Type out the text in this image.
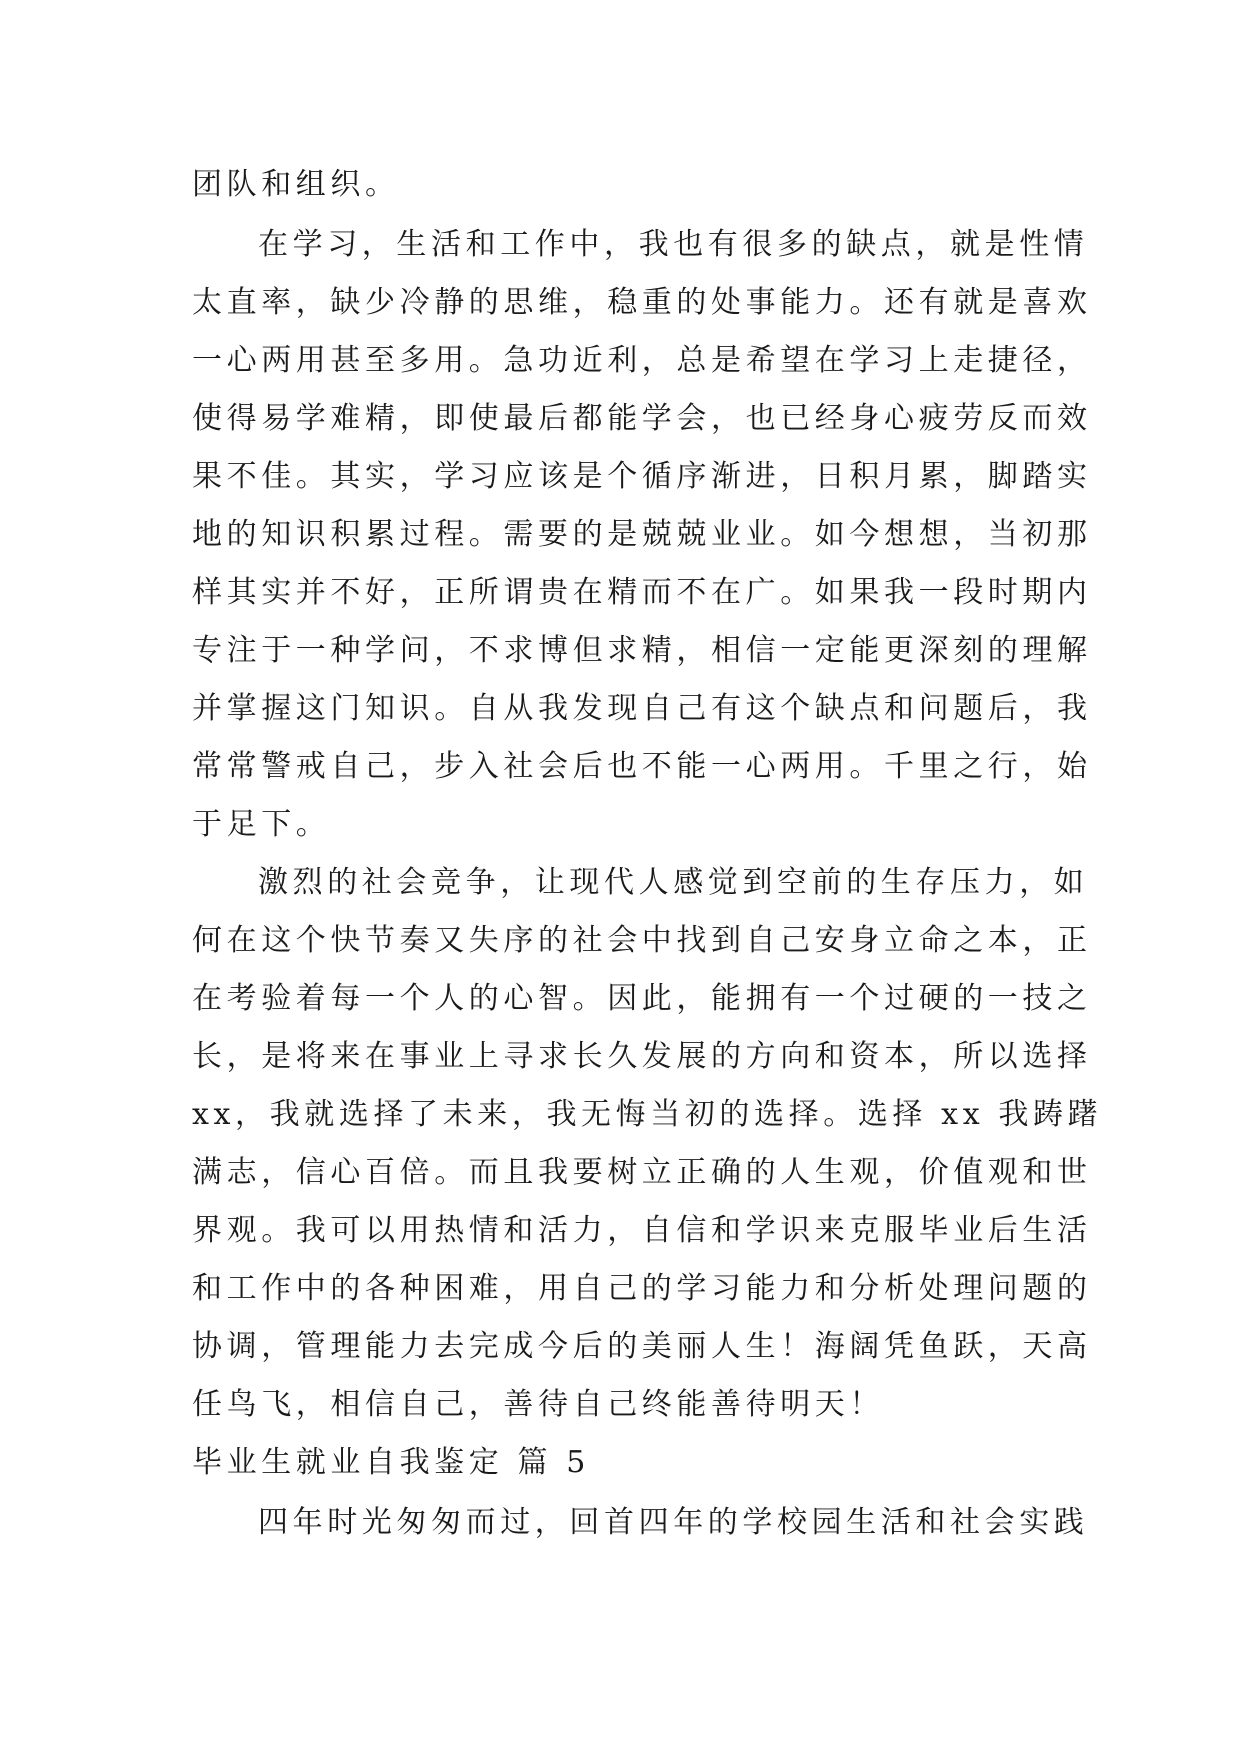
团队和组织。
在学习，生活和工作中，我也有很多的缺点，就是性情
太直率，缺少冷静的思维，稳重的处事能力。还有就是喜欢
一心两用甚至多用。急功近利，总是希望在学习上走捷径，
使得易学难精，即使最后都能学会，也已经身心疲劳反而效
果不佳。其实，学习应该是个循序渐进，日积月累，脚踏实
地的知识积累过程。需要的是兢兢业业。如今想想，当初那
样其实并不好，正所谓贵在精而不在广。如果我一段时期内
专注于一种学问，不求博但求精，相信一定能更深刻的理解
并掌握这门知识。自从我发现自己有这个缺点和问题后，我
常常警戒自己，步入社会后也不能一心两用。千里之行，始
于足下。
激烈的社会竞争，让现代人感觉到空前的生存压力，如
何在这个快节奏又失序的社会中找到自己安身立命之本，正
在考验着每一个人的心智。因此，能拥有一个过硬的一技之
长，是将来在事业上寻求长久发展的方向和资本，所以选择
xx，我就选择了未来，我无悔当初的选择。选择 xx 我踌躇
满志，信心百倍。而且我要树立正确的人生观，价值观和世
界观。我可以用热情和活力，自信和学识来克服毕业后生活
和工作中的各种困难，用自己的学习能力和分析处理问题的
协调，管理能力去完成今后的美丽人生！海阔凭鱼跃，天高
任鸟飞，相信自己，善待自己终能善待明天！
毕业生就业自我鉴定 篇 5
四年时光匆匆而过，回首四年的学校园生活和社会实践
